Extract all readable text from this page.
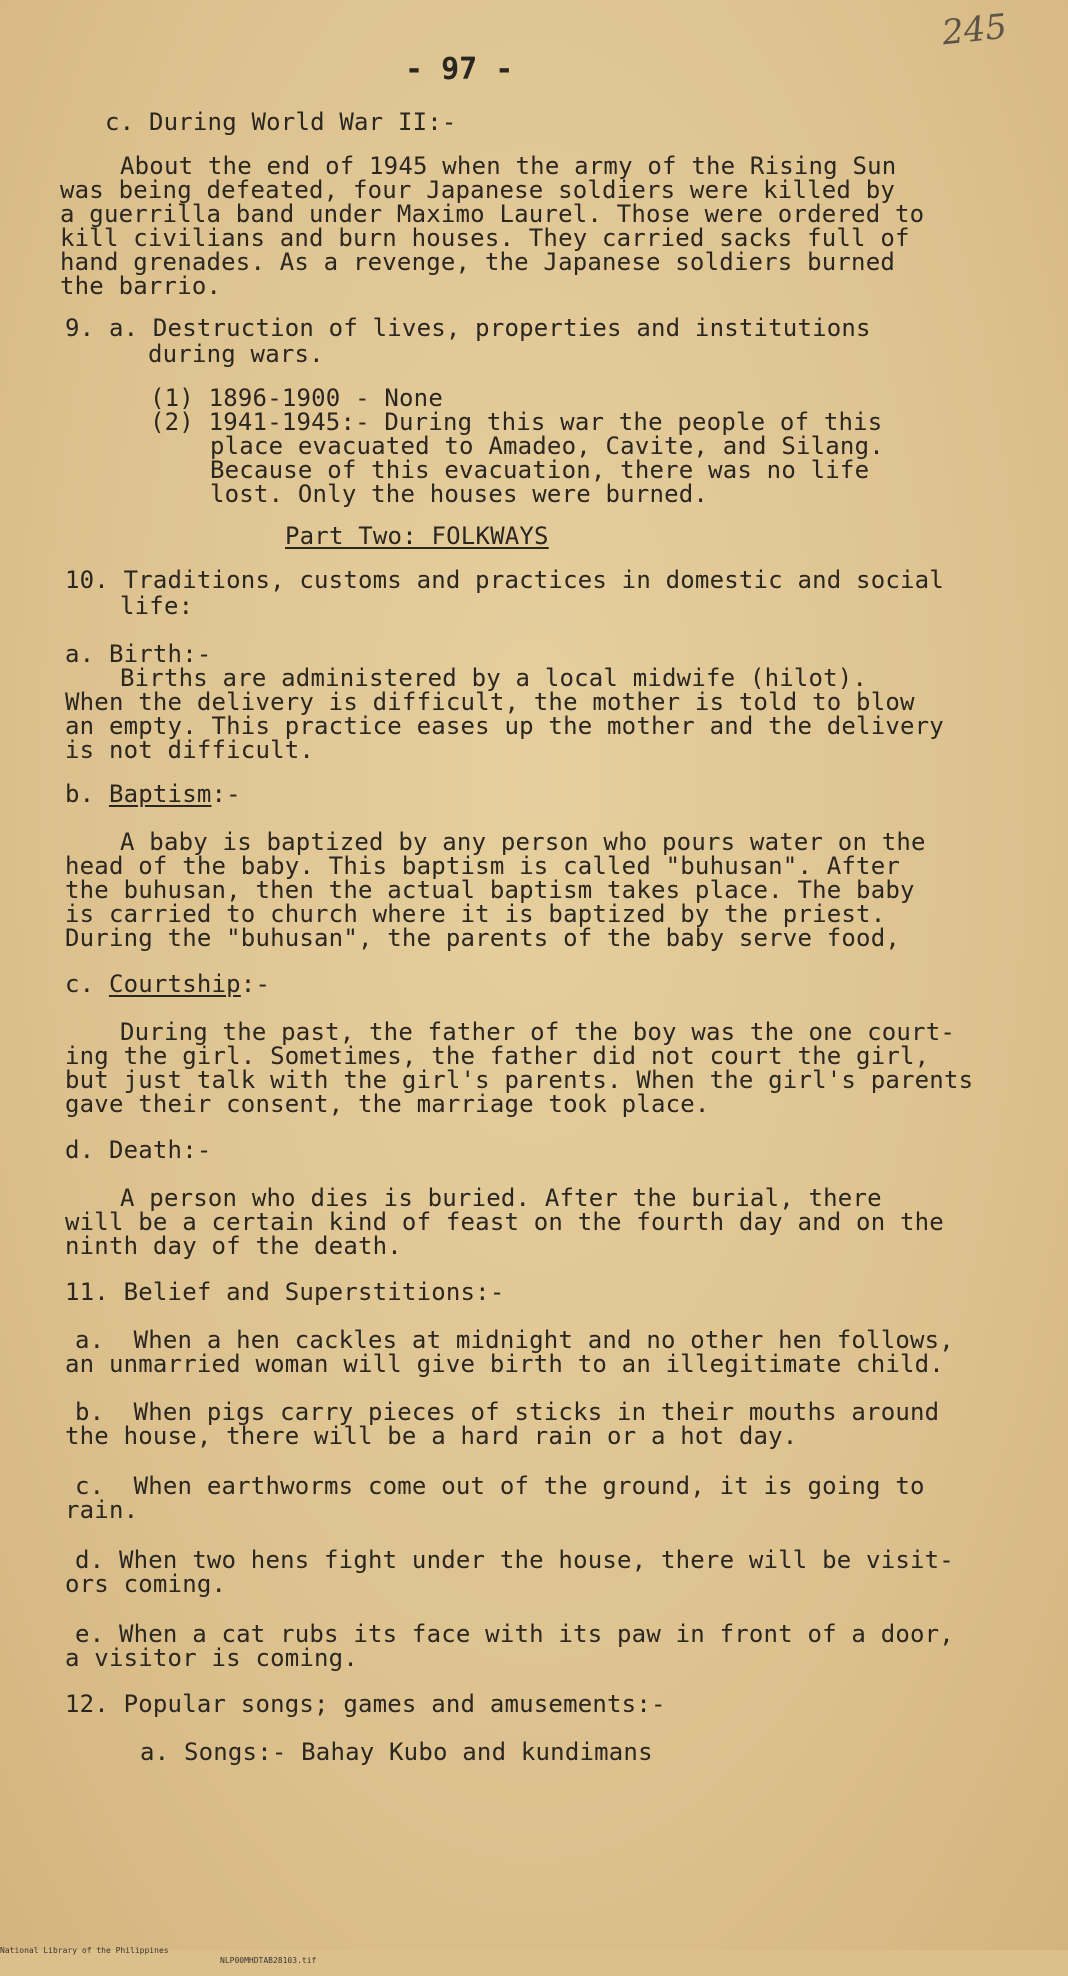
- 97 -
245
c. During World War II:-
About the end of 1945 when the army of the Rising Sun
was being defeated, four Japanese soldiers were killed by
a guerrilla band under Maximo Laurel. Those were ordered to
kill civilians and burn houses. They carried sacks full of
hand grenades. As a revenge, the Japanese soldiers burned
the barrio.
9. a. Destruction of lives, properties and institutions
during wars.
(1) 1896-1900 - None
(2) 1941-1945:- During this war the people of this
place evacuated to Amadeo, Cavite, and Silang.
Because of this evacuation, there was no life
lost. Only the houses were burned.
Part Two: FOLKWAYS
10. Traditions, customs and practices in domestic and social
life:
a. Birth:-
Births are administered by a local midwife (hilot).
When the delivery is difficult, the mother is told to blow
an empty. This practice eases up the mother and the delivery
is not difficult.
b. Baptism:-
A baby is baptized by any person who pours water on the
head of the baby. This baptism is called "buhusan". After
the buhusan, then the actual baptism takes place. The baby
is carried to church where it is baptized by the priest.
During the "buhusan", the parents of the baby serve food,
c. Courtship:-
During the past, the father of the boy was the one court-
ing the girl. Sometimes, the father did not court the girl,
but just talk with the girl's parents. When the girl's parents
gave their consent, the marriage took place.
d. Death:-
A person who dies is buried. After the burial, there
will be a certain kind of feast on the fourth day and on the
ninth day of the death.
11. Belief and Superstitions:-
a.  When a hen cackles at midnight and no other hen follows,
an unmarried woman will give birth to an illegitimate child.
b.  When pigs carry pieces of sticks in their mouths around
the house, there will be a hard rain or a hot day.
c.  When earthworms come out of the ground, it is going to
rain.
d. When two hens fight under the house, there will be visit-
ors coming.
e. When a cat rubs its face with its paw in front of a door,
a visitor is coming.
12. Popular songs; games and amusements:-
a. Songs:- Bahay Kubo and kundimans

National Library of the Philippines

NLP00MHDTAB28103.tif
